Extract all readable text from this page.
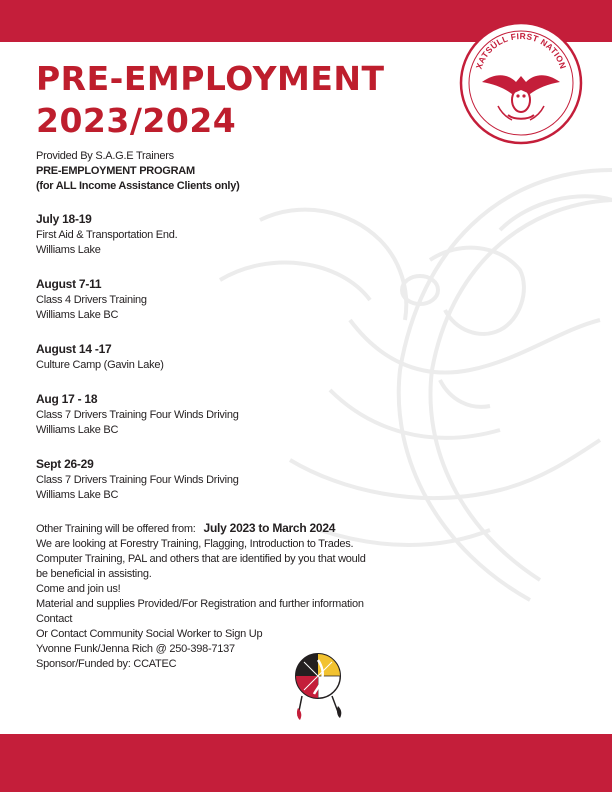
XATSÜLL FIRST NATION
PRE-EMPLOYMENT
2023/2024

Provided By S.A.G.E Trainers

PRE-EMPLOYMENT PROGRAM

(for ALL Income Assistance Clients only)

July 18-19

First Aid & Transportation End.

Williams Lake

August 7-11

Class 4 Drivers Training

Williams Lake BC

August 14 -17

Culture Camp (Gavin Lake)

Aug 17 - 18

Class 7 Drivers Training Four Winds Driving

Williams Lake BC

Sept 26-29

Class 7 Drivers Training Four Winds Driving

Williams Lake BC

Other Training will be offered from: July 2023 to March 2024

We are looking at Forestry Training, Flagging, Introduction to Trades.

Computer Training, PAL and others that are identified by you that would

be beneficial in assisting.

Come and join us!

Material and supplies Provided/For Registration and further information

Contact

Or Contact Community Social Worker to Sign Up

Yvonne Funk/Jenna Rich @ 250-398-7137

Sponsor/Funded by: CCATEC
